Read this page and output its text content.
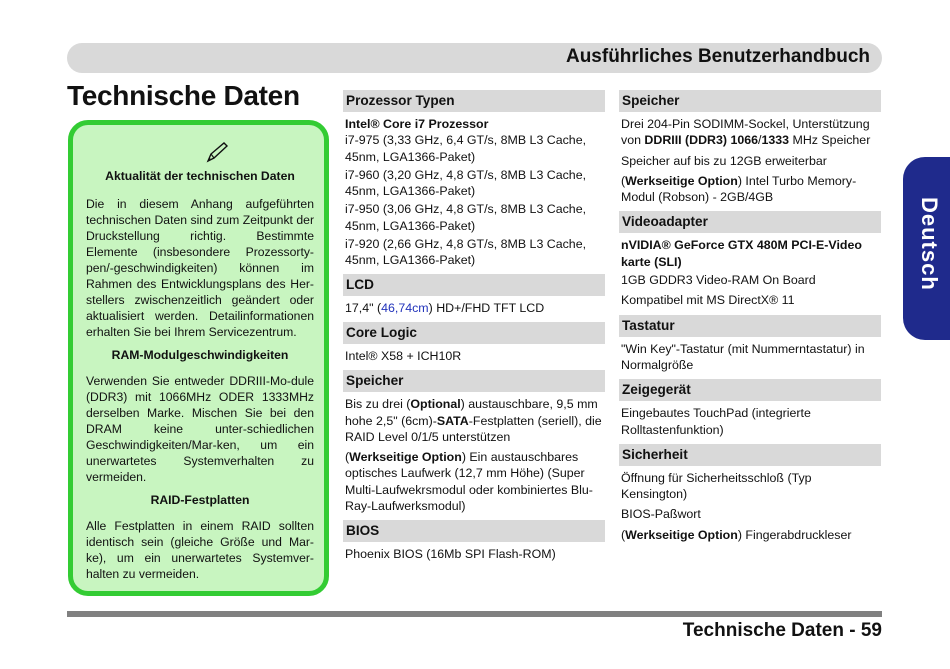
Ausführliches Benutzerhandbuch
Technische Daten
Deutsch

Aktualität der technischen Daten

Die in diesem Anhang aufgeführten technischen Daten sind zum Zeitpunkt der Druckstellung richtig. Bestimmte Elemente (insbesondere Prozessorty-pen/-geschwindigkeiten) können im Rahmen des Entwicklungsplans des Her-stellers zwischenzeitlich geändert oder aktualisiert werden. Detailinformationen erhalten Sie bei Ihrem Servicezentrum.

RAM-Modulgeschwindigkeiten

Verwenden Sie entweder DDRIII-Mo-dule (DDR3) mit 1066MHz ODER 1333MHz derselben Marke. Mischen Sie bei den DRAM keine unter-schiedlichen Geschwindigkeiten/Mar-ken, um ein unerwartetes Systemverhalten zu vermeiden.

RAID-Festplatten

Alle Festplatten in einem RAID sollten identisch sein (gleiche Größe und Mar-ke), um ein unerwartetes Systemver-halten zu vermeiden.

Prozessor Typen

Intel® Core i7 Prozessor

i7-975 (3,33 GHz, 6,4 GT/s, 8MB L3 Cache, 45nm, LGA1366-Paket)

i7-960 (3,20 GHz, 4,8 GT/s, 8MB L3 Cache, 45nm, LGA1366-Paket)

i7-950 (3,06 GHz, 4,8 GT/s, 8MB L3 Cache, 45nm, LGA1366-Paket)

i7-920 (2,66 GHz, 4,8 GT/s, 8MB L3 Cache, 45nm, LGA1366-Paket)

LCD

17,4" (46,74cm) HD+/FHD TFT LCD

Core Logic

Intel® X58 + ICH10R

Speicher

Bis zu drei (Optional) austauschbare, 9,5 mm hohe 2,5" (6cm)-SATA-Festplatten (seriell), die RAID Level 0/1/5 unterstützen

(Werkseitige Option) Ein austauschbares optisches Laufwerk (12,7 mm Höhe) (Super Multi-Laufwekrsmodul oder kombiniertes Blu-Ray-Laufwerksmodul)

BIOS

Phoenix BIOS (16Mb SPI Flash-ROM)

Speicher

Drei 204-Pin SODIMM-Sockel, Unterstützung von DDRIII (DDR3) 1066/1333 MHz Speicher

Speicher auf bis zu 12GB erweiterbar

(Werkseitige Option) Intel Turbo Memory-Modul (Robson) - 2GB/4GB

Videoadapter

nVIDIA® GeForce GTX 480M PCI-E-Video karte (SLI)

1GB GDDR3 Video-RAM On Board

Kompatibel mit MS DirectX® 11

Tastatur

"Win Key"-Tastatur (mit Nummerntastatur) in Normalgröße

Zeigegerät

Eingebautes TouchPad (integrierte Rolltastenfunktion)

Sicherheit

Öffnung für Sicherheitsschloß (Typ Kensington)

BIOS-Paßwort

(Werkseitige Option) Fingerabdruckleser

Technische Daten - 59
